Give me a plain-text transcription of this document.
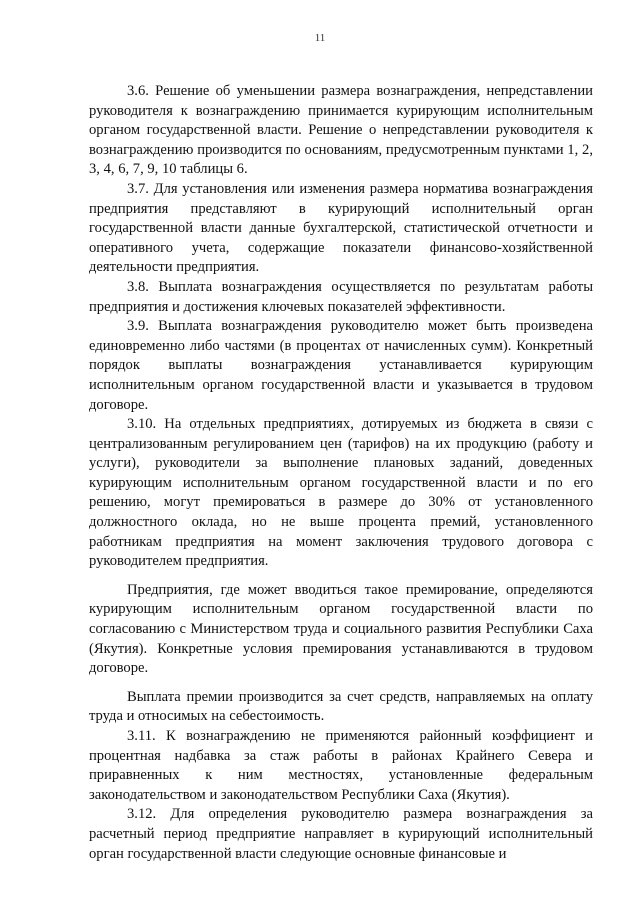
11

3.6. Решение об уменьшении размера вознаграждения, непредставлении руководителя к вознаграждению принимается курирующим исполнительным органом государственной власти. Решение о непредставлении руководителя к вознаграждению производится по основаниям, предусмотренным пунктами 1, 2, 3, 4, 6, 7, 9, 10 таблицы 6.

3.7. Для установления или изменения размера норматива вознаграждения предприятия представляют в курирующий исполнительный орган государственной власти данные бухгалтерской, статистической отчетности и оперативного учета, содержащие показатели финансово-хозяйственной деятельности предприятия.

3.8. Выплата вознаграждения осуществляется по результатам работы предприятия и достижения ключевых показателей эффективности.

3.9. Выплата вознаграждения руководителю может быть произведена единовременно либо частями (в процентах от начисленных сумм). Конкретный порядок выплаты вознаграждения устанавливается курирующим исполнительным органом государственной власти и указывается в трудовом договоре.

3.10. На отдельных предприятиях, дотируемых из бюджета в связи с централизованным регулированием цен (тарифов) на их продукцию (работу и услуги), руководители за выполнение плановых заданий, доведенных курирующим исполнительным органом государственной власти и по его решению, могут премироваться в размере до 30% от установленного должностного оклада, но не выше процента премий, установленного работникам предприятия на момент заключения трудового договора с руководителем предприятия.

Предприятия, где может вводиться такое премирование, определяются курирующим исполнительным органом государственной власти по согласованию с Министерством труда и социального развития Республики Саха (Якутия). Конкретные условия премирования устанавливаются в трудовом договоре.

Выплата премии производится за счет средств, направляемых на оплату труда и относимых на себестоимость.

3.11. К вознаграждению не применяются районный коэффициент и процентная надбавка за стаж работы в районах Крайнего Севера и приравненных к ним местностях, установленные федеральным законодательством и законодательством Республики Саха (Якутия).

3.12. Для определения руководителю размера вознаграждения за расчетный период предприятие направляет в курирующий исполнительный орган государственной власти следующие основные финансовые и
